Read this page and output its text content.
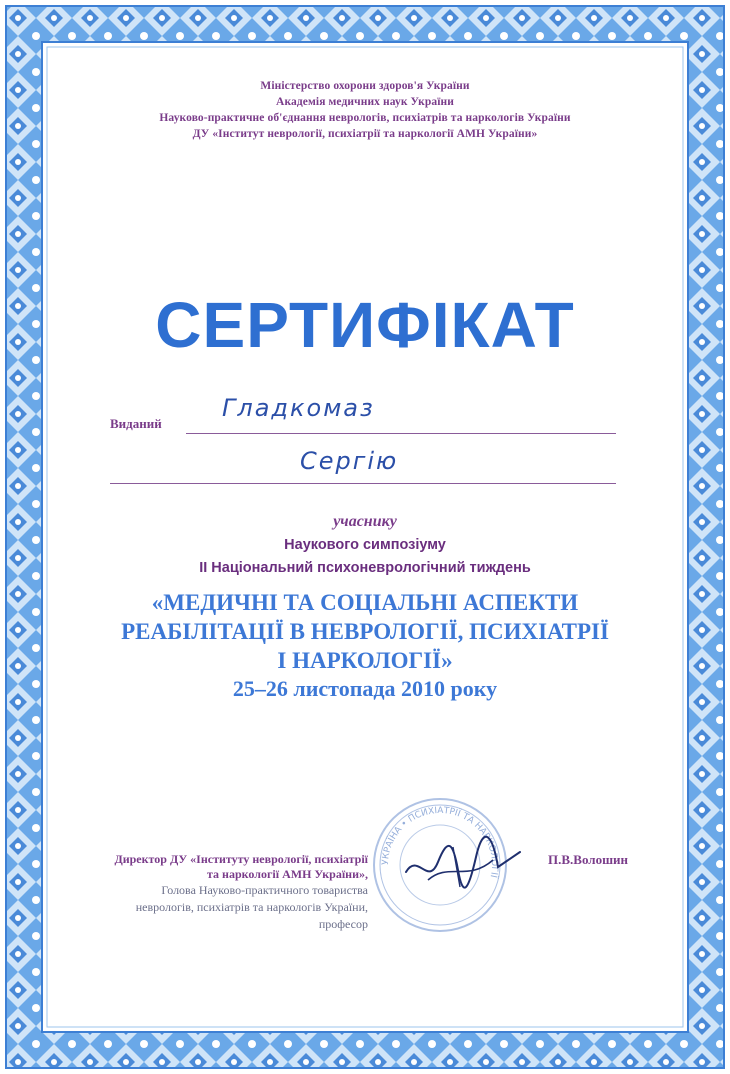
Міністерство охорони здоров'я України
Академія медичних наук України
Науково-практичне об'єднання неврологів, психіатрів та наркологів України
ДУ «Інститут неврології, психіатрії та наркології АМН України»
СЕРТИФІКАТ
Виданий
Гладкомаз
Сергію
учаснику
Наукового симпозіуму
II Національний психоневрологічний тиждень
«МЕДИЧНІ ТА СОЦІАЛЬНІ АСПЕКТИ
РЕАБІЛІТАЦІЇ В НЕВРОЛОГІЇ, ПСИХІАТРІЇ
І НАРКОЛОГІЇ»
25–26 листопада 2010 року
Директор ДУ «Інституту неврології, психіатрії
та наркології АМН України»,
Голова Науково-практичного товариства
неврологів, психіатрів та наркологів України,
професор
УКРАЇНА • ПСИХІАТРІЇ ТА НАРКОЛОГІЇ
П.В.Волошин
